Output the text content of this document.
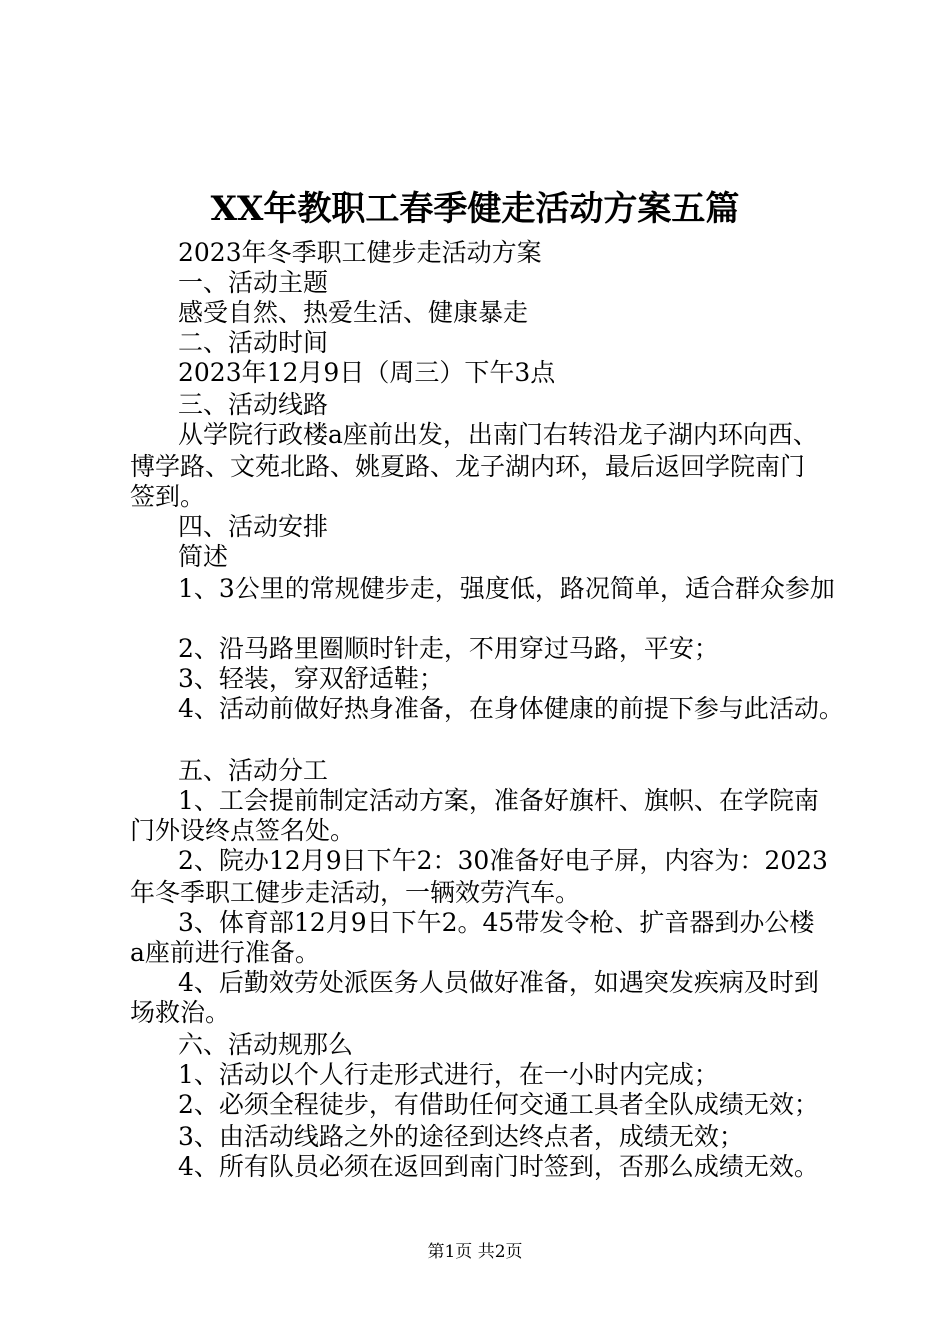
XX年教职工春季健走活动方案五篇
2023年冬季职工健步走活动方案
一、活动主题
感受自然、热爱生活、健康暴走
二、活动时间
2023年12月9日（周三）下午3点
三、活动线路
从学院行政楼a座前出发，出南门右转沿龙子湖内环向西、
博学路、文苑北路、姚夏路、龙子湖内环，最后返回学院南门
签到。
四、活动安排
简述
1、3公里的常规健步走，强度低，路况简单，适合群众参加
2、沿马路里圈顺时针走，不用穿过马路，平安；
3、轻装，穿双舒适鞋；
4、活动前做好热身准备，在身体健康的前提下参与此活动。
五、活动分工
1、工会提前制定活动方案，准备好旗杆、旗帜、在学院南
门外设终点签名处。
2、院办12月9日下午2：30准备好电子屏，内容为：2023
年冬季职工健步走活动，一辆效劳汽车。
3、体育部12月9日下午2。45带发令枪、扩音器到办公楼
a座前进行准备。
4、后勤效劳处派医务人员做好准备，如遇突发疾病及时到
场救治。
六、活动规那么
1、活动以个人行走形式进行，在一小时内完成；
2、必须全程徒步，有借助任何交通工具者全队成绩无效；
3、由活动线路之外的途径到达终点者，成绩无效；
4、所有队员必须在返回到南门时签到，否那么成绩无效。
第1页 共2页
